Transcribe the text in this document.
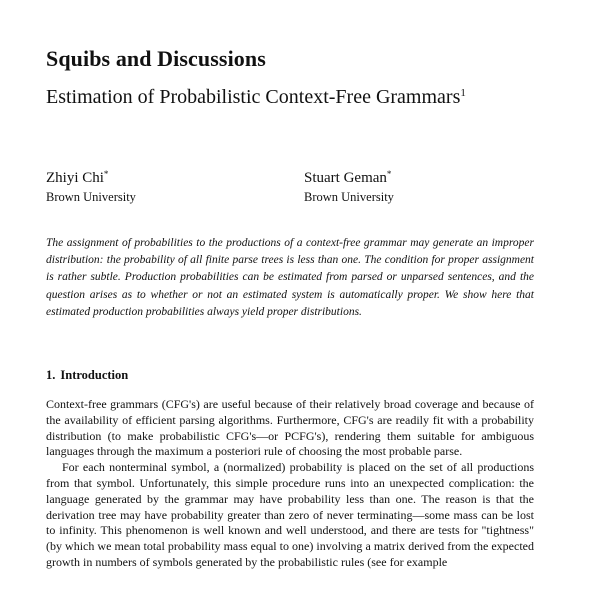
Squibs and Discussions
Estimation of Probabilistic Context-Free Grammars$^1$
Zhiyi Chi*
Brown University
Stuart Geman*
Brown University

The assignment of probabilities to the productions of a context-free grammar may generate an improper distribution: the probability of all finite parse trees is less than one. The condition for proper assignment is rather subtle. Production probabilities can be estimated from parsed or unparsed sentences, and the question arises as to whether or not an estimated system is automatically proper. We show here that estimated production probabilities always yield proper distributions.

1. Introduction

Context-free grammars (CFG's) are useful because of their relatively broad coverage and because of the availability of efficient parsing algorithms. Furthermore, CFG's are readily fit with a probability distribution (to make probabilistic CFG's—or PCFG's), rendering them suitable for ambiguous languages through the maximum a posteriori rule of choosing the most probable parse.

For each nonterminal symbol, a (normalized) probability is placed on the set of all productions from that symbol. Unfortunately, this simple procedure runs into an unexpected complication: the language generated by the grammar may have probability less than one. The reason is that the derivation tree may have probability greater than zero of never terminating—some mass can be lost to infinity. This phenomenon is well known and well understood, and there are tests for "tightness" (by which we mean total probability mass equal to one) involving a matrix derived from the expected growth in numbers of symbols generated by the probabilistic rules (see for example
